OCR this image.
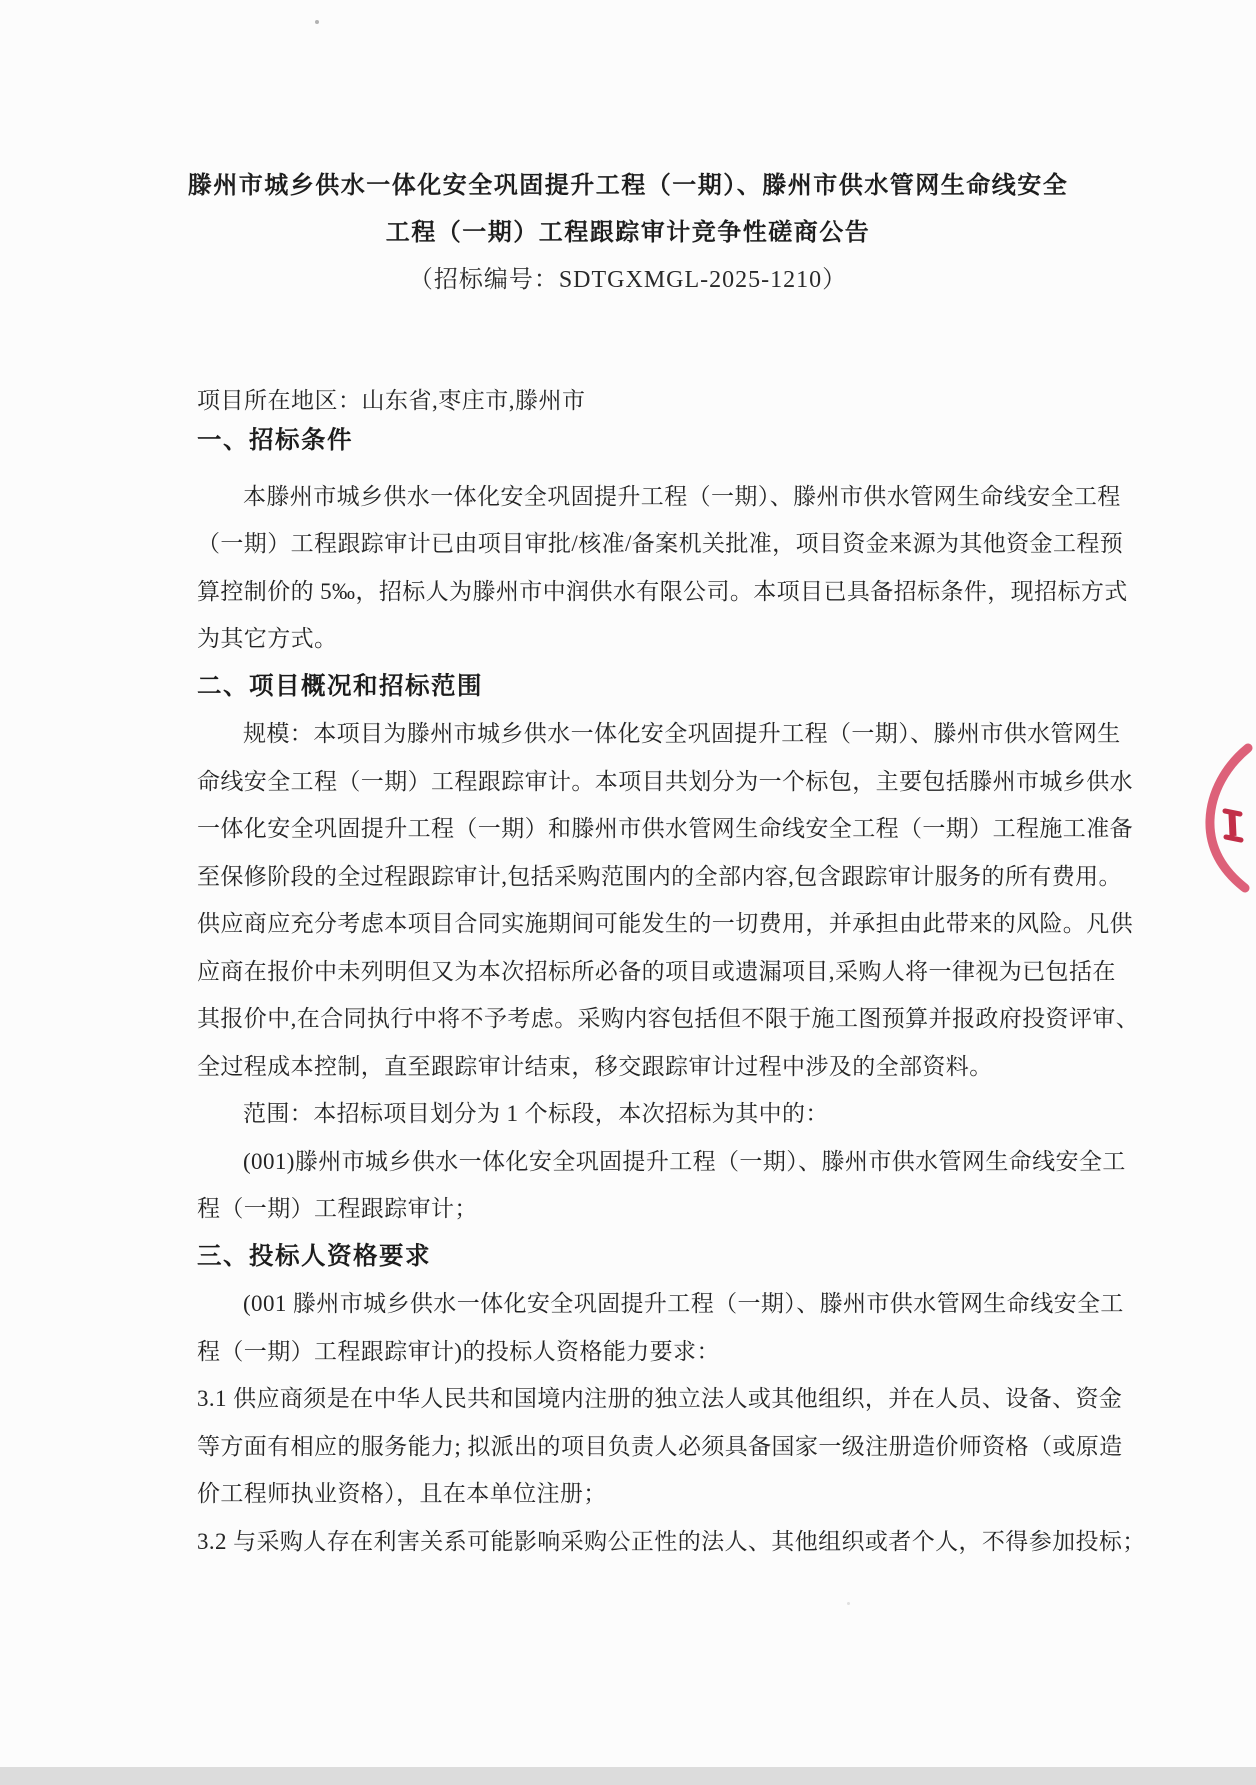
滕州市城乡供水一体化安全巩固提升工程（一期）、滕州市供水管网生命线安全
工程（一期）工程跟踪审计竞争性磋商公告
（招标编号：SDTGXMGL-2025-1210）
项目所在地区：山东省,枣庄市,滕州市
一、招标条件
本滕州市城乡供水一体化安全巩固提升工程（一期）、滕州市供水管网生命线安全工程
（一期）工程跟踪审计已由项目审批/核准/备案机关批准，项目资金来源为其他资金工程预
算控制价的 5‰，招标人为滕州市中润供水有限公司。本项目已具备招标条件，现招标方式
为其它方式。
二、项目概况和招标范围
规模：本项目为滕州市城乡供水一体化安全巩固提升工程（一期）、滕州市供水管网生
命线安全工程（一期）工程跟踪审计。本项目共划分为一个标包，主要包括滕州市城乡供水
一体化安全巩固提升工程（一期）和滕州市供水管网生命线安全工程（一期）工程施工准备
至保修阶段的全过程跟踪审计,包括采购范围内的全部内容,包含跟踪审计服务的所有费用。
供应商应充分考虑本项目合同实施期间可能发生的一切费用，并承担由此带来的风险。凡供
应商在报价中未列明但又为本次招标所必备的项目或遗漏项目,采购人将一律视为已包括在
其报价中,在合同执行中将不予考虑。采购内容包括但不限于施工图预算并报政府投资评审、
全过程成本控制，直至跟踪审计结束，移交跟踪审计过程中涉及的全部资料。
范围：本招标项目划分为 1 个标段，本次招标为其中的：
(001)滕州市城乡供水一体化安全巩固提升工程（一期）、滕州市供水管网生命线安全工
程（一期）工程跟踪审计；
三、投标人资格要求
(001 滕州市城乡供水一体化安全巩固提升工程（一期）、滕州市供水管网生命线安全工
程（一期）工程跟踪审计)的投标人资格能力要求：
3.1 供应商须是在中华人民共和国境内注册的独立法人或其他组织，并在人员、设备、资金
等方面有相应的服务能力; 拟派出的项目负责人必须具备国家一级注册造价师资格（或原造
价工程师执业资格），且在本单位注册；
3.2 与采购人存在利害关系可能影响采购公正性的法人、其他组织或者个人，不得参加投标；
